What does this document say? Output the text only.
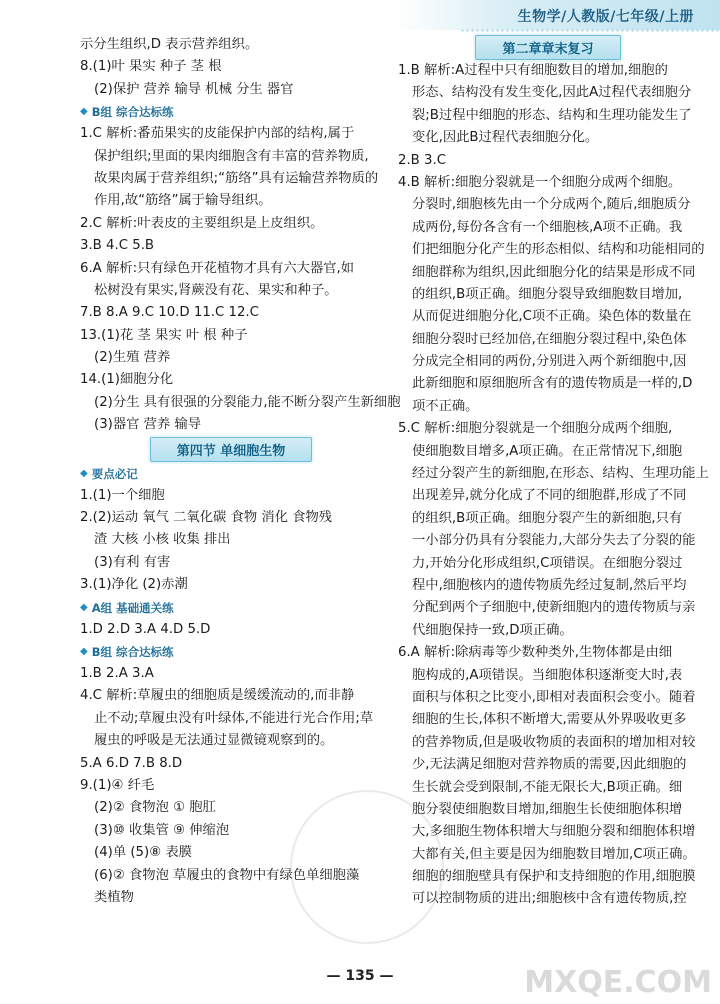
生物学/人教版/七年级/上册
示分生组织,D 表示营养组织。
8.(1)叶 果实 种子 茎 根
(2)保护 营养 输导 机械 分生 器官
◆ B组 综合达标练
1.C 解析:番茄果实的皮能保护内部的结构,属于
保护组织;里面的果肉细胞含有丰富的营养物质,
故果肉属于营养组织;“筋络”具有运输营养物质的
作用,故“筋络”属于输导组织。
2.C 解析:叶表皮的主要组织是上皮组织。
3.B 4.C 5.B
6.A 解析:只有绿色开花植物才具有六大器官,如
松树没有果实,肾蕨没有花、果实和种子。
7.B 8.A 9.C 10.D 11.C 12.C
13.(1)花 茎 果实 叶 根 种子
(2)生殖 营养
14.(1)細胞分化
(2)分生 具有很强的分裂能力,能不断分裂产生新细胞
(3)器官 营养 输导
第四节 单细胞生物
◆ 要点必记
1.(1)一个细胞
2.(2)运动 氧气 二氧化碳 食物 消化 食物残
渣 大核 小核 收集 排出
(3)有利 有害
3.(1)净化 (2)赤潮
◆ A组 基础通关练
1.D 2.D 3.A 4.D 5.D
◆ B组 综合达标练
1.B 2.A 3.A
4.C 解析:草履虫的细胞质是缓缓流动的,而非静
止不动;草履虫没有叶绿体,不能进行光合作用;草
履虫的呼吸是无法通过显微镜观察到的。
5.A 6.D 7.B 8.D
9.(1)④ 纤毛
(2)② 食物泡 ① 胞肛
(3)⑩ 收集管 ⑨ 伸缩泡
(4)单 (5)⑧ 表膜
(6)② 食物泡 草履虫的食物中有绿色单细胞藻
类植物
第二章章末复习
1.B 解析:A过程中只有细胞数目的增加,细胞的
形态、结构没有发生变化,因此A过程代表细胞分
裂;B过程中细胞的形态、结构和生理功能发生了
变化,因此B过程代表细胞分化。
2.B 3.C
4.B 解析:细胞分裂就是一个细胞分成两个细胞。
分裂时,细胞核先由一个分成两个,随后,细胞质分
成两份,每份各含有一个细胞核,A项不正确。我
们把细胞分化产生的形态相似、结构和功能相同的
细胞群称为组织,因此细胞分化的结果是形成不同
的组织,B项正确。细胞分裂导致细胞数目增加,
从而促进细胞分化,C项不正确。染色体的数量在
细胞分裂时已经加倍,在细胞分裂过程中,染色体
分成完全相同的两份,分别进入两个新细胞中,因
此新细胞和原细胞所含有的遗传物质是一样的,D
项不正确。
5.C 解析:细胞分裂就是一个细胞分成两个细胞,
使细胞数目增多,A项正确。在正常情况下,细胞
经过分裂产生的新细胞,在形态、结构、生理功能上
出现差异,就分化成了不同的细胞群,形成了不同
的组织,B项正确。细胞分裂产生的新细胞,只有
一小部分仍具有分裂能力,大部分失去了分裂的能
力,开始分化形成组织,C项错误。在细胞分裂过
程中,细胞核内的遗传物质先经过复制,然后平均
分配到两个子细胞中,使新细胞内的遗传物质与亲
代细胞保持一致,D项正确。
6.A 解析:除病毒等少数种类外,生物体都是由细
胞构成的,A项错误。当细胞体积逐渐变大时,表
面积与体积之比变小,即相对表面积会变小。随着
细胞的生长,体积不断增大,需要从外界吸收更多
的营养物质,但是吸收物质的表面积的增加相对较
少,无法满足细胞对营养物质的需要,因此细胞的
生长就会受到限制,不能无限长大,B项正确。细
胞分裂使细胞数目增加,细胞生长使细胞体积增
大,多细胞生物体积增大与细胞分裂和细胞体积增
大都有关,但主要是因为细胞数目增加,C项正确。
细胞的细胞壁具有保护和支持细胞的作用,细胞膜
可以控制物质的进出;细胞核中含有遗传物质,控
— 135 —	MXQE.COM
